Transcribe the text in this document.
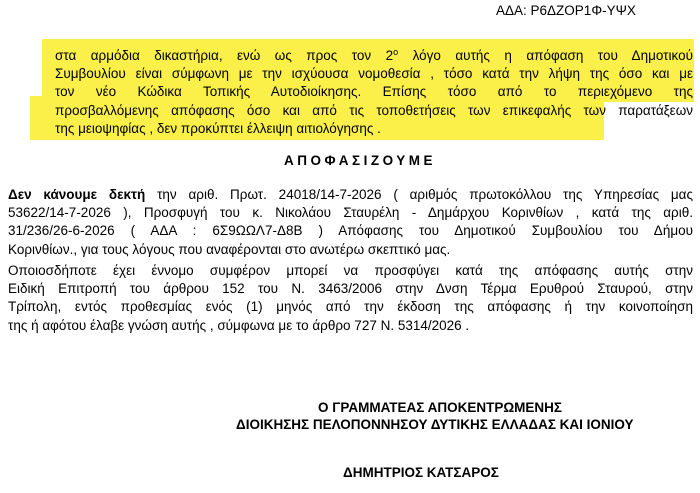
ΑΔΑ: Ρ6ΔΖΟΡ1Φ-ΥΨΧ
στα αρμόδια δικαστήρια, ενώ ως προς τον $2^o$ λόγο αυτής η απόφαση του Δημοτικού
Συμβουλίου είναι σύμφωνη με την ισχύουσα νομοθεσία , τόσο κατά την λήψη της όσο και με
τον νέο Κώδικα Τοπικής Αυτοδιοίκησης. Επίσης τόσο από το περιεχόμενο της
προσβαλλόμενης απόφασης όσο και από τις τοποθετήσεις των επικεφαλής των παρατάξεων
της μειοψηφίας , δεν προκύπτει έλλειψη αιτιολόγησης .
ΑΠΟΦΑΣΙΖΟΥΜΕ
Δεν κάνουμε δεκτή την αριθ. Πρωτ. 24018/14-7-2026 ( αριθμός πρωτοκόλλου της Υπηρεσίας μας
53622/14-7-2026 ), Προσφυγή του κ. Νικολάου Σταυρέλη - Δημάρχου Κορινθίων , κατά της αριθ.
31/236/26-6-2026 ( ΑΔΑ : 6Σ9ΩΩΛ7-Δ8Β ) Απόφασης του Δημοτικού Συμβουλίου του Δήμου
Κορινθίων., για τους λόγους που αναφέρονται στο ανωτέρω σκεπτικό μας.
Οποιοσδήποτε έχει έννομο συμφέρον μπορεί να προσφύγει κατά της απόφασης αυτής στην
Ειδική Επιτροπή του άρθρου 152 του Ν. 3463/2006 στην Δνση Τέρμα Ερυθρού Σταυρού, στην
Τρίπολη, εντός προθεσμίας ενός (1) μηνός από την έκδοση της απόφασης ή την κοινοποίηση
της ή αφότου έλαβε γνώση αυτής , σύμφωνα με το άρθρο 727 Ν. 5314/2026 .
Ο ΓΡΑΜΜΑΤΕΑΣ ΑΠΟΚΕΝΤΡΩΜΕΝΗΣ
ΔΙΟΙΚΗΣΗΣ ΠΕΛΟΠΟΝΝΗΣΟΥ ΔΥΤΙΚΗΣ ΕΛΛΑΔΑΣ ΚΑΙ ΙΟΝΙΟΥ
ΔΗΜΗΤΡΙΟΣ ΚΑΤΣΑΡΟΣ
